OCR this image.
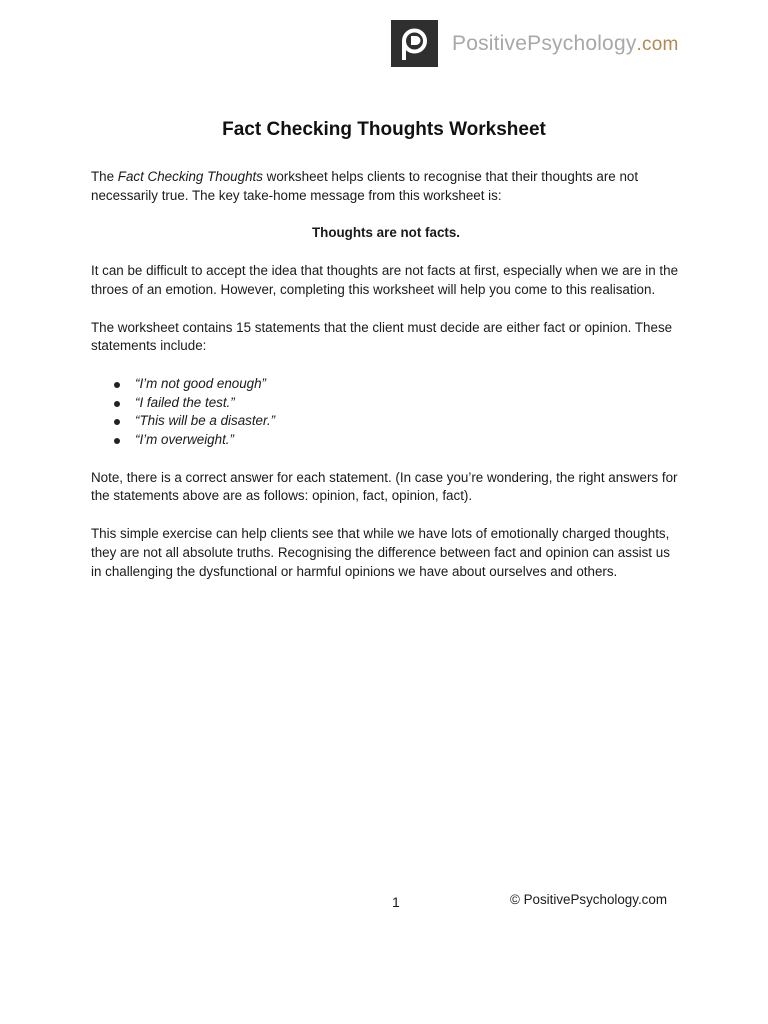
PositivePsychology.com
Fact Checking Thoughts Worksheet

The Fact Checking Thoughts worksheet helps clients to recognise that their thoughts are not necessarily true. The key take-home message from this worksheet is:

Thoughts are not facts.

It can be difficult to accept the idea that thoughts are not facts at first, especially when we are in the throes of an emotion. However, completing this worksheet will help you come to this realisation.

The worksheet contains 15 statements that the client must decide are either fact or opinion. These statements include:

“I’m not good enough”
“I failed the test.”
“This will be a disaster.”
“I’m overweight.”

Note, there is a correct answer for each statement. (In case you’re wondering, the right answers for the statements above are as follows: opinion, fact, opinion, fact).

This simple exercise can help clients see that while we have lots of emotionally charged thoughts, they are not all absolute truths. Recognising the difference between fact and opinion can assist us in challenging the dysfunctional or harmful opinions we have about ourselves and others.

1	© PositivePsychology.com
